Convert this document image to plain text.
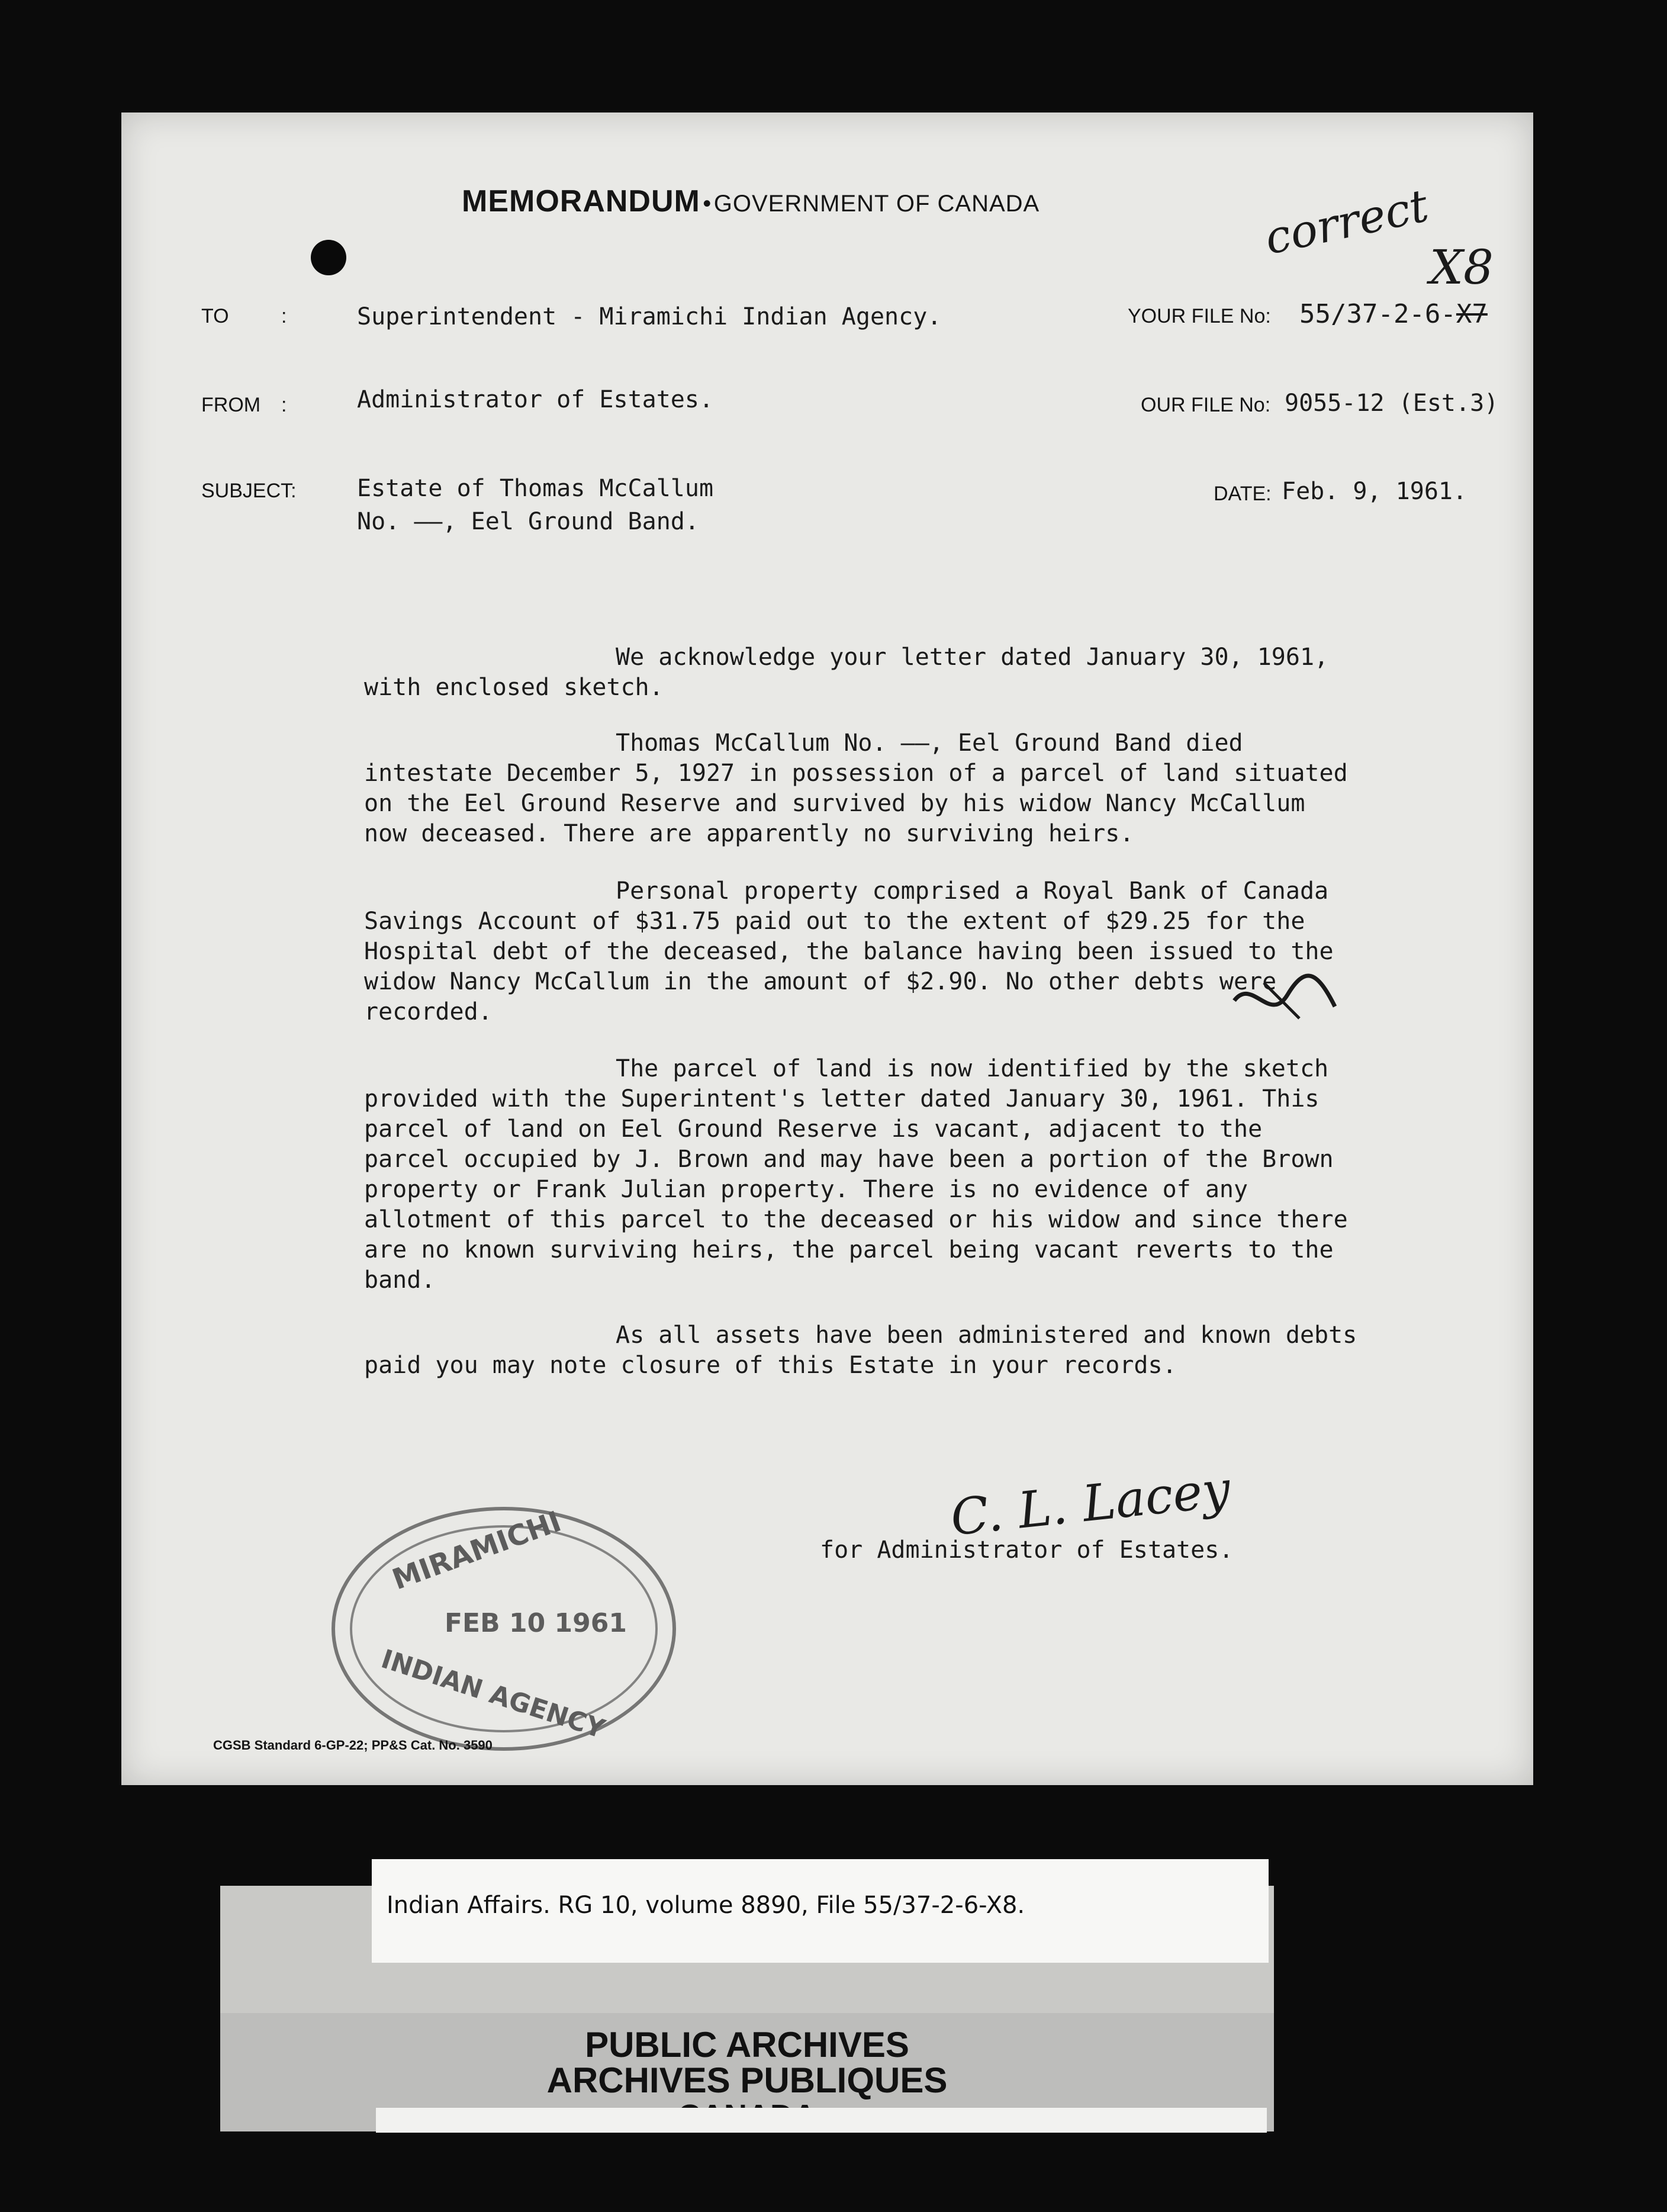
MEMORANDUM • GOVERNMENT OF CANADA	correct
X8
TO	:	Superintendent - Miramichi Indian Agency.	YOUR FILE No: 55/37-2-6-X7
FROM :	Administrator of Estates.	OUR FILE No: 9055-12 (Est.3)
SUBJECT:	Estate of Thomas McCallum
No. ——, Eel Ground Band.
DATE: Feb. 9, 1961.
We acknowledge your letter dated January 30, 1961,
with enclosed sketch.
Thomas McCallum No. ——, Eel Ground Band died
intestate December 5, 1927 in possession of a parcel of land situated
on the Eel Ground Reserve and survived by his widow Nancy McCallum
now deceased. There are apparently no surviving heirs.
Personal property comprised a Royal Bank of Canada
Savings Account of $31.75 paid out to the extent of $29.25 for the
Hospital debt of the deceased, the balance having been issued to the
widow Nancy McCallum in the amount of $2.90. No other debts were
recorded.
The parcel of land is now identified by the sketch
provided with the Superintent's letter dated January 30, 1961. This
parcel of land on Eel Ground Reserve is vacant, adjacent to the
parcel occupied by J. Brown and may have been a portion of the Brown
property or Frank Julian property. There is no evidence of any
allotment of this parcel to the deceased or his widow and since there
are no known surviving heirs, the parcel being vacant reverts to the
band.
As all assets have been administered and known debts
paid you may note closure of this Estate in your records.
C. L. Lacey
for Administrator of Estates.
MIRAMICHI
FEB 10 1961
INDIAN AGENCY
CGSB Standard 6-GP-22; PP&S Cat. No. 3590
Indian Affairs. RG 10, volume 8890, File 55/37-2-6-X8.
PUBLIC ARCHIVES
ARCHIVES PUBLIQUES
